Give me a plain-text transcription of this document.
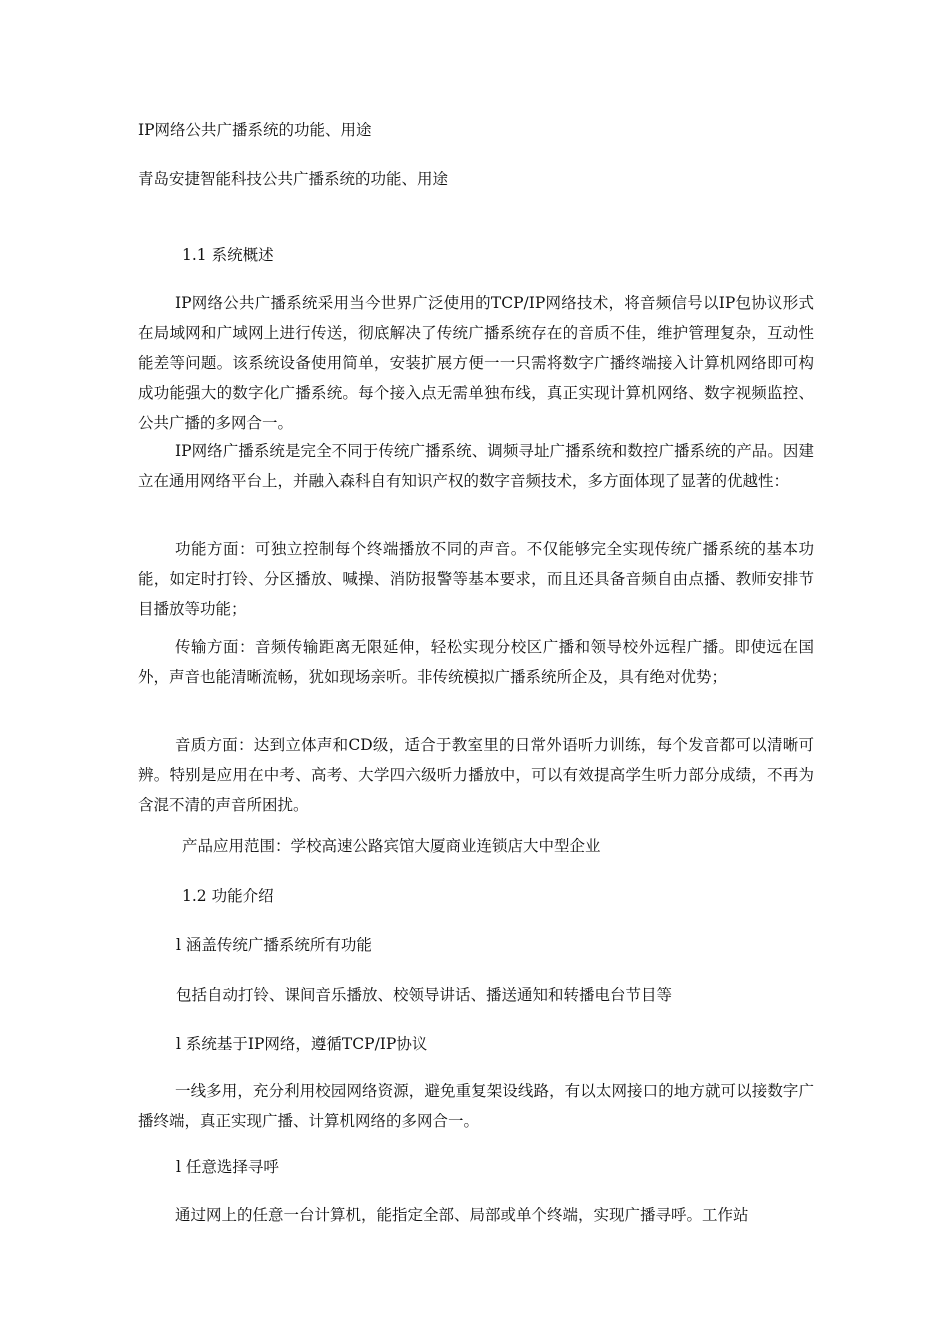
IP网络公共广播系统的功能、用途

青岛安捷智能科技公共广播系统的功能、用途

1.1 系统概述

IP网络公共广播系统采用当今世界广泛使用的TCP/IP网络技术，将音频信号以IP包协议形式在局域网和广域网上进行传送，彻底解决了传统广播系统存在的音质不佳，维护管理复杂，互动性能差等问题。该系统设备使用简单，安装扩展方便一一只需将数字广播终端接入计算机网络即可构成功能强大的数字化广播系统。每个接入点无需单独布线，真正实现计算机网络、数字视频监控、公共广播的多网合一。

IP网络广播系统是完全不同于传统广播系统、调频寻址广播系统和数控广播系统的产品。因建立在通用网络平台上，并融入森科自有知识产权的数字音频技术，多方面体现了显著的优越性：

功能方面：可独立控制每个终端播放不同的声音。不仅能够完全实现传统广播系统的基本功能，如定时打铃、分区播放、喊操、消防报警等基本要求，而且还具备音频自由点播、教师安排节目播放等功能；

传输方面：音频传输距离无限延伸，轻松实现分校区广播和领导校外远程广播。即使远在国外，声音也能清晰流畅，犹如现场亲听。非传统模拟广播系统所企及，具有绝对优势；

音质方面：达到立体声和CD级，适合于教室里的日常外语听力训练，每个发音都可以清晰可辨。特别是应用在中考、高考、大学四六级听力播放中，可以有效提高学生听力部分成绩，不再为含混不清的声音所困扰。

产品应用范围：学校高速公路宾馆大厦商业连锁店大中型企业

1.2 功能介绍

l 涵盖传统广播系统所有功能

包括自动打铃、课间音乐播放、校领导讲话、播送通知和转播电台节目等

l 系统基于IP网络，遵循TCP/IP协议

一线多用，充分利用校园网络资源，避免重复架设线路，有以太网接口的地方就可以接数字广播终端，真正实现广播、计算机网络的多网合一。

l 任意选择寻呼

通过网上的任意一台计算机，能指定全部、局部或单个终端，实现广播寻呼。工作站
